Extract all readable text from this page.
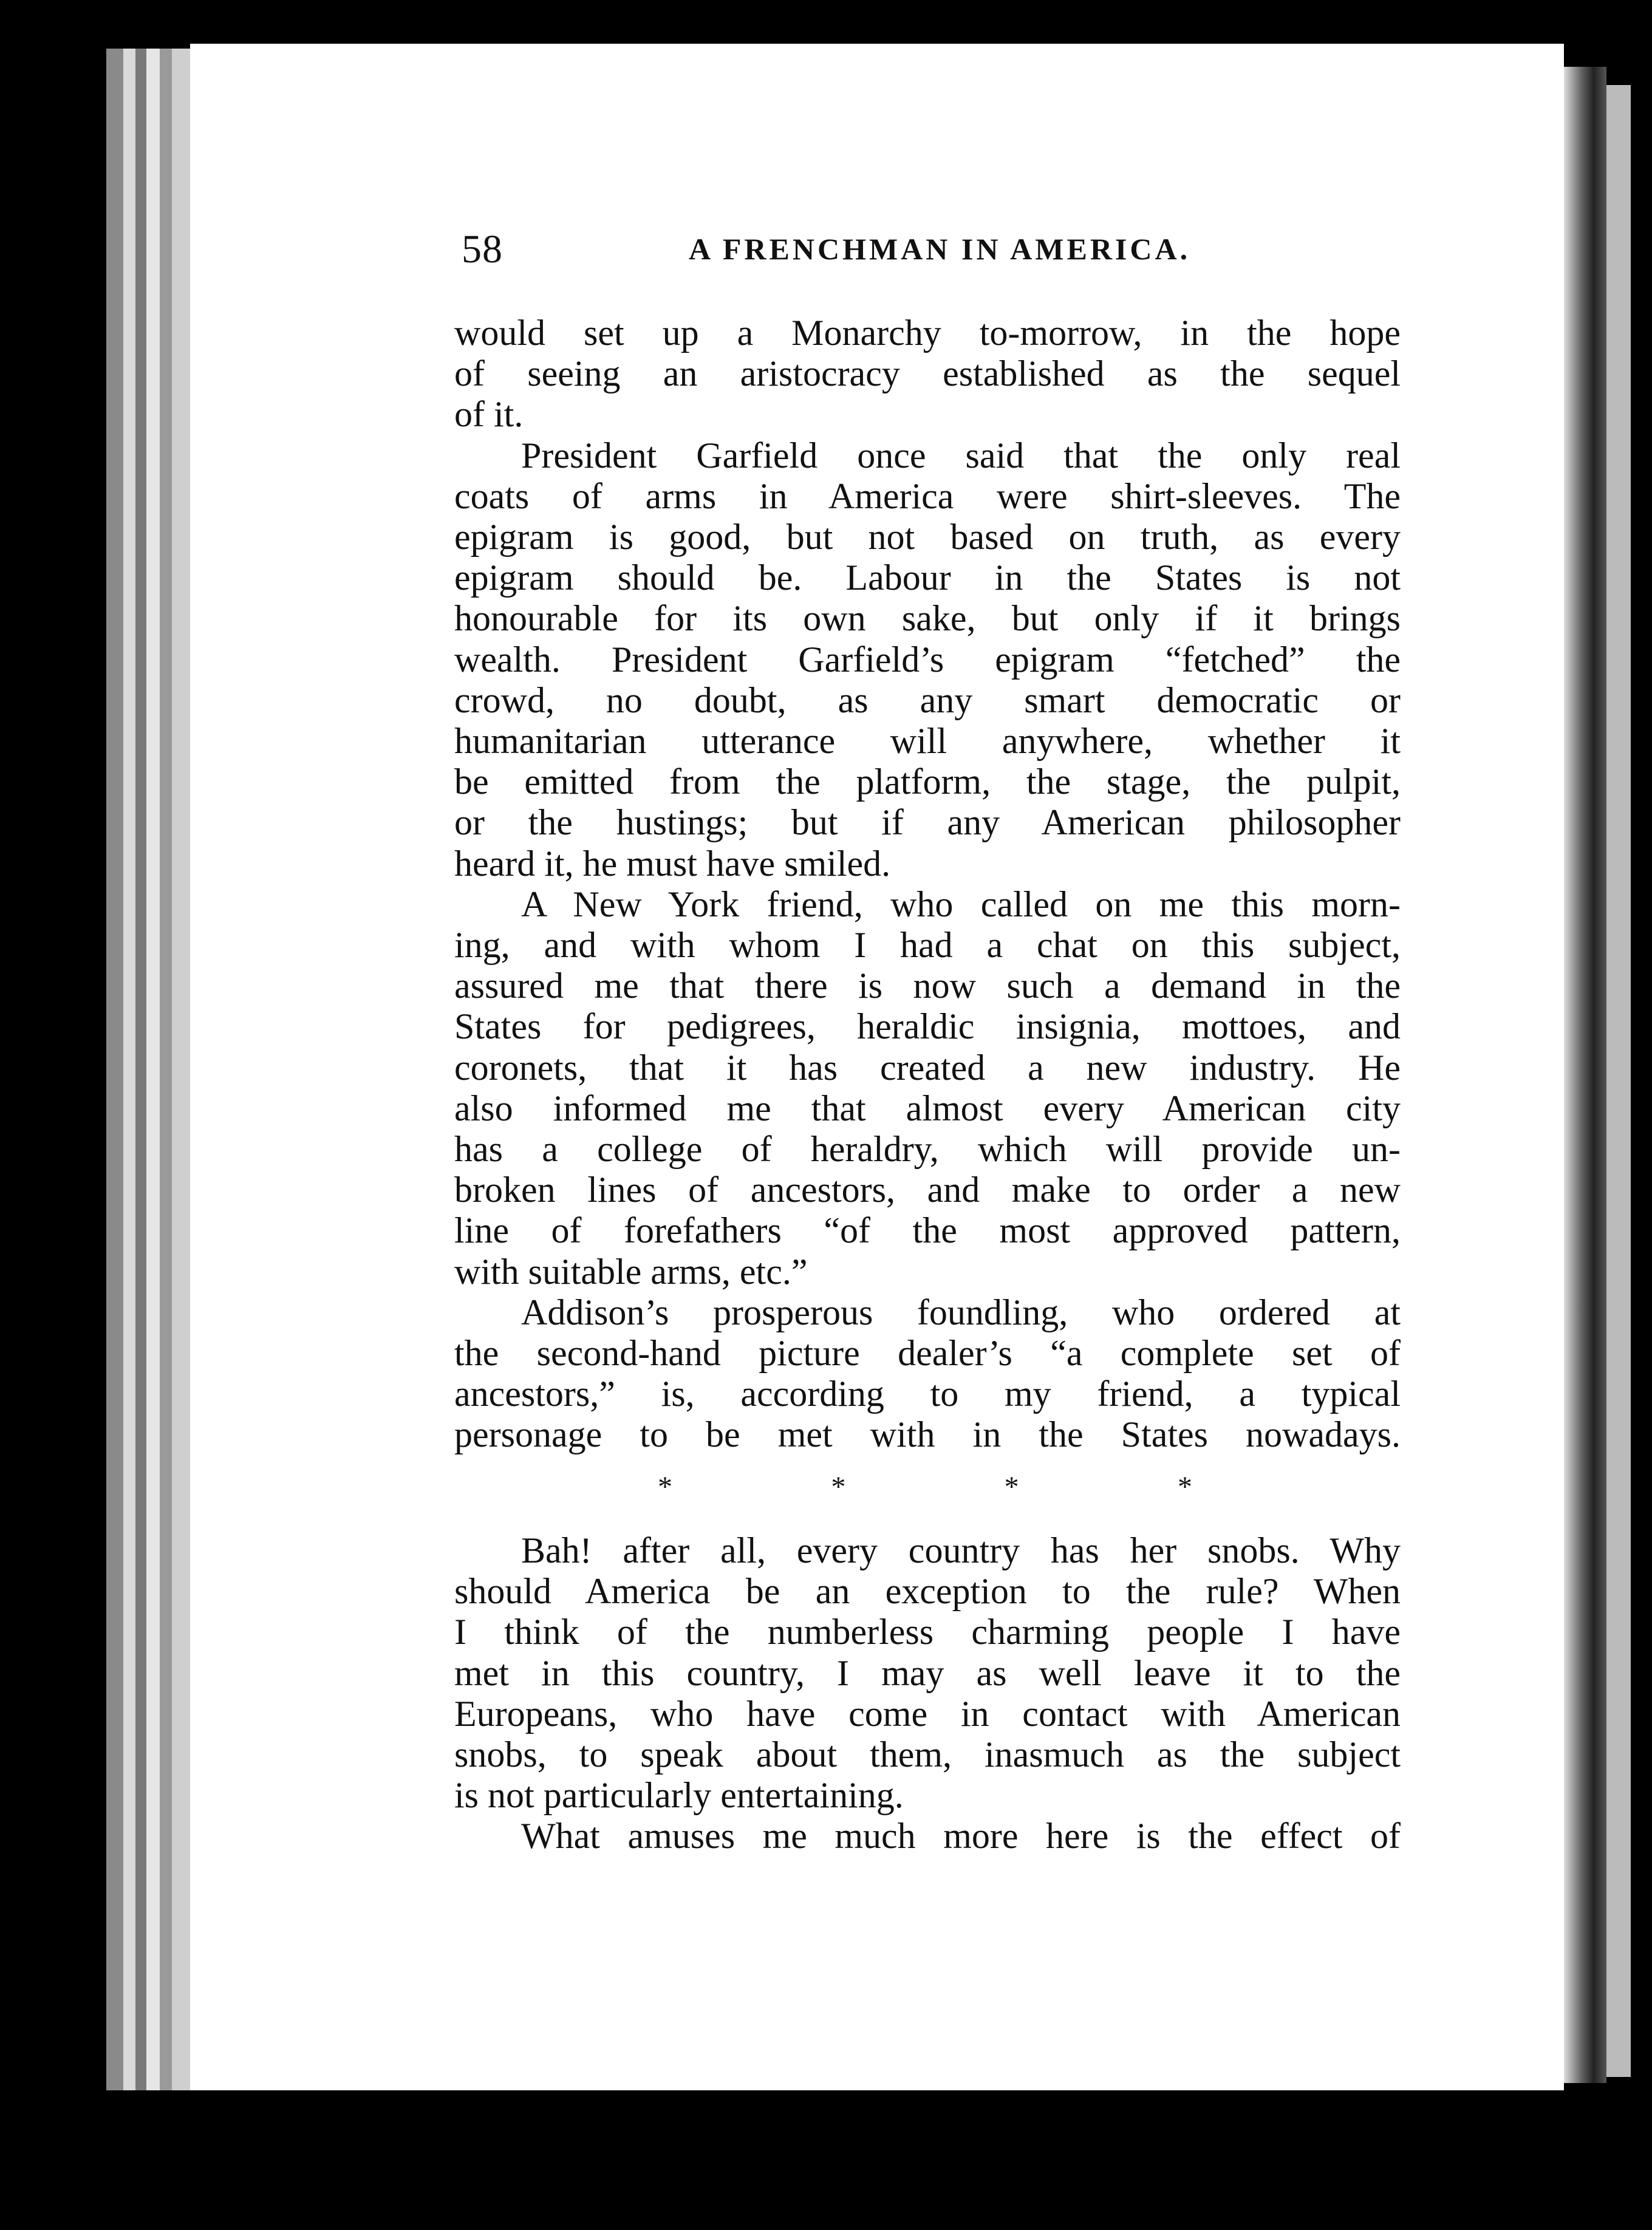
58	A FRENCHMAN IN AMERICA.
would set up a Monarchy to-morrow, in the hope
of seeing an aristocracy established as the sequel
of it.
President Garfield once said that the only real
coats of arms in America were shirt-sleeves. The
epigram is good, but not based on truth, as every
epigram should be. Labour in the States is not
honourable for its own sake, but only if it brings
wealth. President Garfield’s epigram “fetched” the
crowd, no doubt, as any smart democratic or
humanitarian utterance will anywhere, whether it
be emitted from the platform, the stage, the pulpit,
or the hustings; but if any American philosopher
heard it, he must have smiled.
A New York friend, who called on me this morn-
ing, and with whom I had a chat on this subject,
assured me that there is now such a demand in the
States for pedigrees, heraldic insignia, mottoes, and
coronets, that it has created a new industry. He
also informed me that almost every American city
has a college of heraldry, which will provide un-
broken lines of ancestors, and make to order a new
line of forefathers “of the most approved pattern,
with suitable arms, etc.”
Addison’s prosperous foundling, who ordered at
the second-hand picture dealer’s “a complete set of
ancestors,” is, according to my friend, a typical
personage to be met with in the States nowadays.
*	*	*	*
Bah! after all, every country has her snobs. Why
should America be an exception to the rule? When
I think of the numberless charming people I have
met in this country, I may as well leave it to the
Europeans, who have come in contact with American
snobs, to speak about them, inasmuch as the subject
is not particularly entertaining.
What amuses me much more here is the effect of
